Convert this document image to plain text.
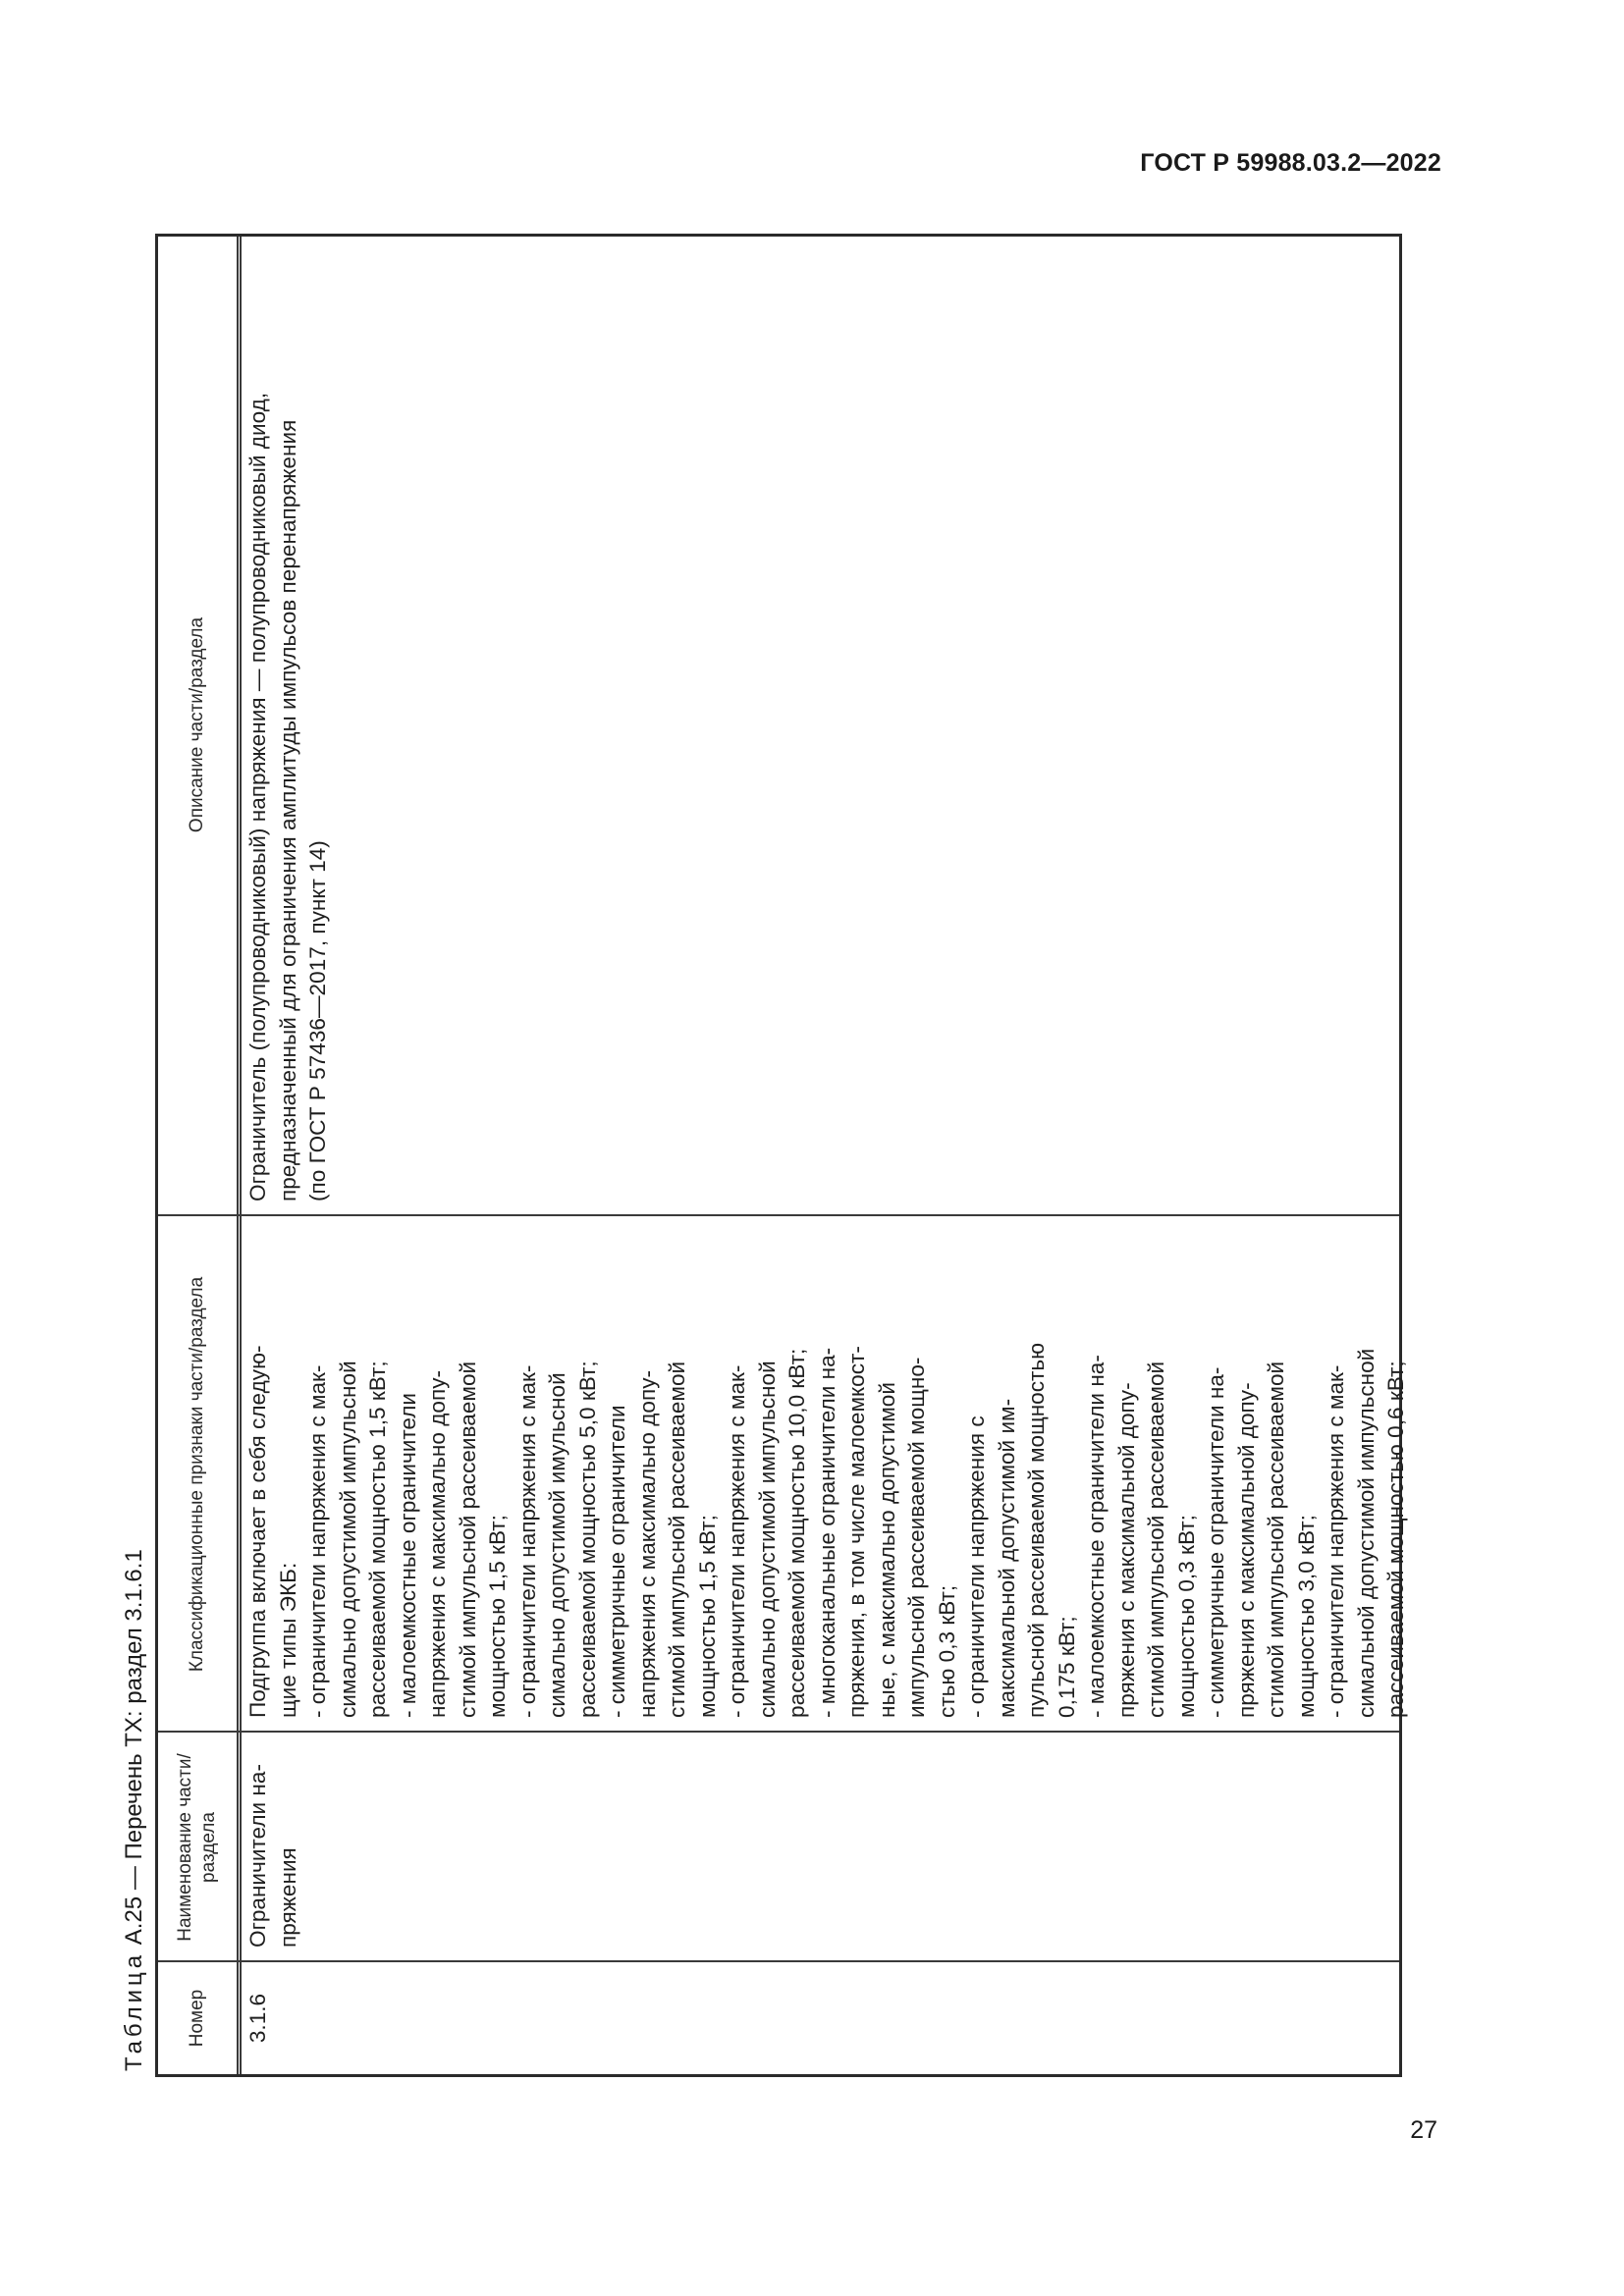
ГОСТ Р 59988.03.2—2022
Таблица А.25 — Перечень ТХ: раздел 3.1.6.1
Номер
Наименование части/раздела
Классификационные признаки части/раздела
Описание части/раздела
3.1.6
Ограничители на- пряжения
Подгруппа включает в себя следую- щие типы ЭКБ: - ограничители напряжения с мак- симально допустимой импульсной рассеиваемой мощностью 1,5 кВт; - малоемкостные ограничители напряжения с максимально допу- стимой импульсной рассеиваемой мощностью 1,5 кВт; - ограничители напряжения с мак- симально допустимой имульсной рассеиваемой мощностью 5,0 кВт; - симметричные ограничители напряжения с максимально допу- стимой импульсной рассеиваемой мощностью 1,5 кВт; - ограничители напряжения с мак- симально допустимой импульсной рассеиваемой мощностью 10,0 кВт; - многоканальные ограничители на- пряжения, в том числе малоемкост- ные, с максимально допустимой импульсной рассеиваемой мощно- стью 0,3 кВт; - ограничители напряжения с максимальной допустимой им- пульсной рассеиваемой мощностью 0,175 кВт; - малоемкостные ограничители на- пряжения с максимальной допу- стимой импульсной рассеиваемой мощностью 0,3 кВт; - симметричные ограничители на- пряжения с максимальной допу- стимой импульсной рассеиваемой мощностью 3,0 кВт; - ограничители напряжения с мак- симальной допустимой импульсной рассеиваемой мощностью 0,6 кВт;
Ограничитель (полупроводниковый) напряжения — полупроводниковый диод, предназначенный для ограничения амплитуды импульсов перенапряжения (по ГОСТ Р 57436—2017, пункт 14)
27
